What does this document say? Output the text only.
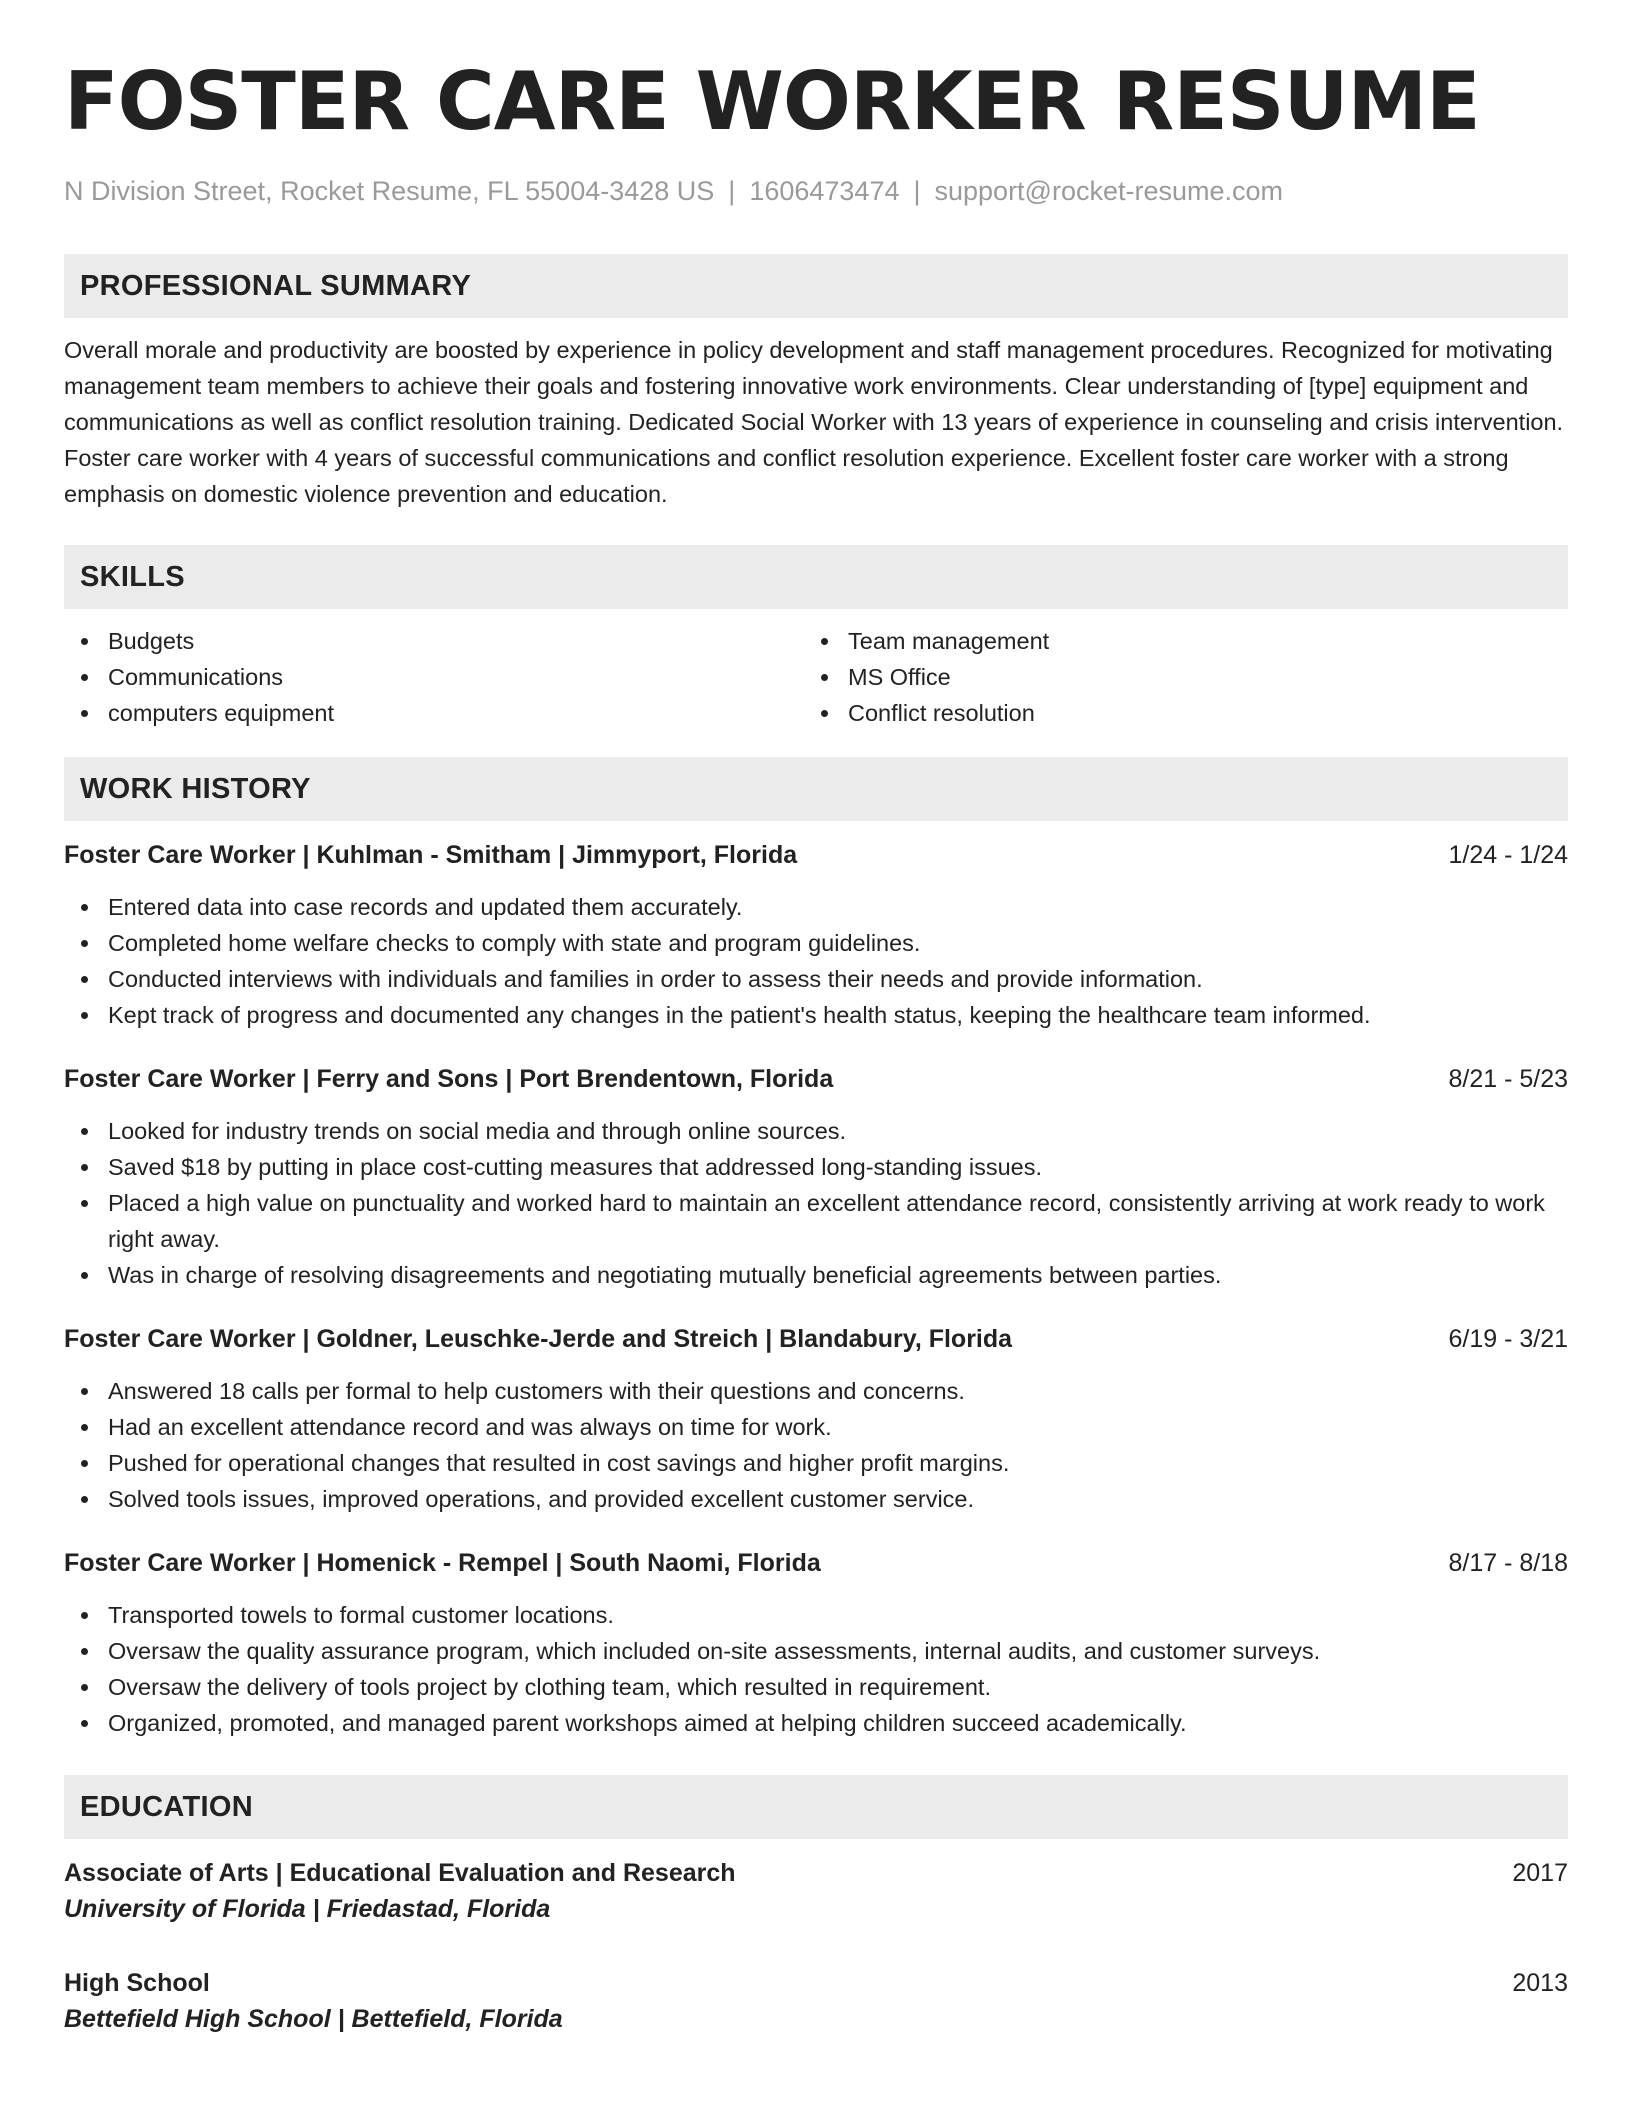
FOSTER CARE WORKER RESUME
N Division Street, Rocket Resume, FL 55004-3428 US | 1606473474 | support@rocket-resume.com
PROFESSIONAL SUMMARY

Overall morale and productivity are boosted by experience in policy development and staff management procedures. Recognized for motivating management team members to achieve their goals and fostering innovative work environments. Clear understanding of [type] equipment and communications as well as conflict resolution training. Dedicated Social Worker with 13 years of experience in counseling and crisis intervention. Foster care worker with 4 years of successful communications and conflict resolution experience. Excellent foster care worker with a strong emphasis on domestic violence prevention and education.

SKILLS
Budgets
Communications
computers equipment
Team management
MS Office
Conflict resolution
WORK HISTORY
Foster Care Worker | Kuhlman - Smitham | Jimmyport, Florida	1/24 - 1/24
Entered data into case records and updated them accurately.
Completed home welfare checks to comply with state and program guidelines.
Conducted interviews with individuals and families in order to assess their needs and provide information.
Kept track of progress and documented any changes in the patient's health status, keeping the healthcare team informed.
Foster Care Worker | Ferry and Sons | Port Brendentown, Florida	8/21 - 5/23
Looked for industry trends on social media and through online sources.
Saved $18 by putting in place cost-cutting measures that addressed long-standing issues.
Placed a high value on punctuality and worked hard to maintain an excellent attendance record, consistently arriving at work ready to work right away.
Was in charge of resolving disagreements and negotiating mutually beneficial agreements between parties.
Foster Care Worker | Goldner, Leuschke-Jerde and Streich | Blandabury, Florida	6/19 - 3/21
Answered 18 calls per formal to help customers with their questions and concerns.
Had an excellent attendance record and was always on time for work.
Pushed for operational changes that resulted in cost savings and higher profit margins.
Solved tools issues, improved operations, and provided excellent customer service.
Foster Care Worker | Homenick - Rempel | South Naomi, Florida	8/17 - 8/18
Transported towels to formal customer locations.
Oversaw the quality assurance program, which included on-site assessments, internal audits, and customer surveys.
Oversaw the delivery of tools project by clothing team, which resulted in requirement.
Organized, promoted, and managed parent workshops aimed at helping children succeed academically.
EDUCATION
Associate of Arts | Educational Evaluation and Research	2017
University of Florida | Friedastad, Florida
High School	2013
Bettefield High School | Bettefield, Florida
